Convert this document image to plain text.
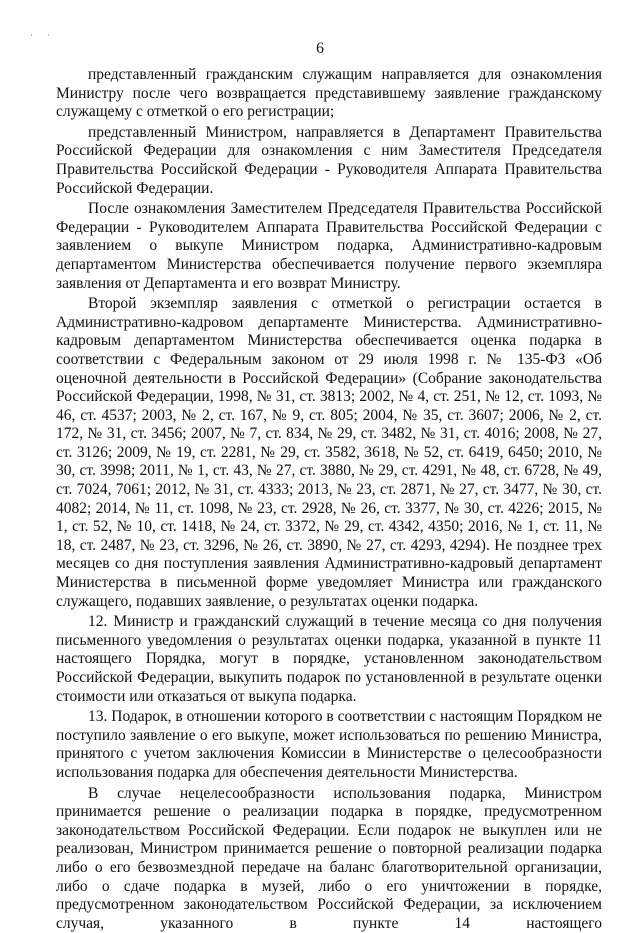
· ·
6

представленный гражданским служащим направляется для ознакомления Министру после чего возвращается представившему заявление гражданскому служащему с отметкой о его регистрации;

представленный Министром, направляется в Департамент Правительства Российской Федерации для ознакомления с ним Заместителя Председателя Правительства Российской Федерации - Руководителя Аппарата Правительства Российской Федерации.

После ознакомления Заместителем Председателя Правительства Российской Федерации - Руководителем Аппарата Правительства Российской Федерации с заявлением о выкупе Министром подарка, Административно-кадровым департаментом Министерства обеспечивается получение первого экземпляра заявления от Департамента и его возврат Министру.

Второй экземпляр заявления с отметкой о регистрации остается в Административно-кадровом департаменте Министерства. Административно-кадровым департаментом Министерства обеспечивается оценка подарка в соответствии с Федеральным законом от 29 июля 1998 г. № 135-ФЗ «Об оценочной деятельности в Российской Федерации» (Собрание законодательства Российской Федерации, 1998, № 31, ст. 3813; 2002, № 4, ст. 251, № 12, ст. 1093, № 46, ст. 4537; 2003, № 2, ст. 167, № 9, ст. 805; 2004, № 35, ст. 3607; 2006, № 2, ст. 172, № 31, ст. 3456; 2007, № 7, ст. 834, № 29, ст. 3482, № 31, ст. 4016; 2008, № 27, ст. 3126; 2009, № 19, ст. 2281, № 29, ст. 3582, 3618, № 52, ст. 6419, 6450; 2010, № 30, ст. 3998; 2011, № 1, ст. 43, № 27, ст. 3880, № 29, ст. 4291, № 48, ст. 6728, № 49, ст. 7024, 7061; 2012, № 31, ст. 4333; 2013, № 23, ст. 2871, № 27, ст. 3477, № 30, ст. 4082; 2014, № 11, ст. 1098, № 23, ст. 2928, № 26, ст. 3377, № 30, ст. 4226; 2015, № 1, ст. 52, № 10, ст. 1418, № 24, ст. 3372, № 29, ст. 4342, 4350; 2016, № 1, ст. 11, № 18, ст. 2487, № 23, ст. 3296, № 26, ст. 3890, № 27, ст. 4293, 4294). Не позднее трех месяцев со дня поступления заявления Административно-кадровый департамент Министерства в письменной форме уведомляет Министра или гражданского служащего, подавших заявление, о результатах оценки подарка.

12. Министр и гражданский служащий в течение месяца со дня получения письменного уведомления о результатах оценки подарка, указанной в пункте 11 настоящего Порядка, могут в порядке, установленном законодательством Российской Федерации, выкупить подарок по установленной в результате оценки стоимости или отказаться от выкупа подарка.

13. Подарок, в отношении которого в соответствии с настоящим Порядком не поступило заявление о его выкупе, может использоваться по решению Министра, принятого с учетом заключения Комиссии в Министерстве о целесообразности использования подарка для обеспечения деятельности Министерства.

В случае нецелесообразности использования подарка, Министром принимается решение о реализации подарка в порядке, предусмотренном законодательством Российской Федерации. Если подарок не выкуплен или не реализован, Министром принимается решение о повторной реализации подарка либо о его безвозмездной передаче на баланс благотворительной организации, либо о сдаче подарка в музей, либо о его уничтожении в порядке, предусмотренном законодательством Российской Федерации, за исключением случая, указанного в пункте 14 настоящего
